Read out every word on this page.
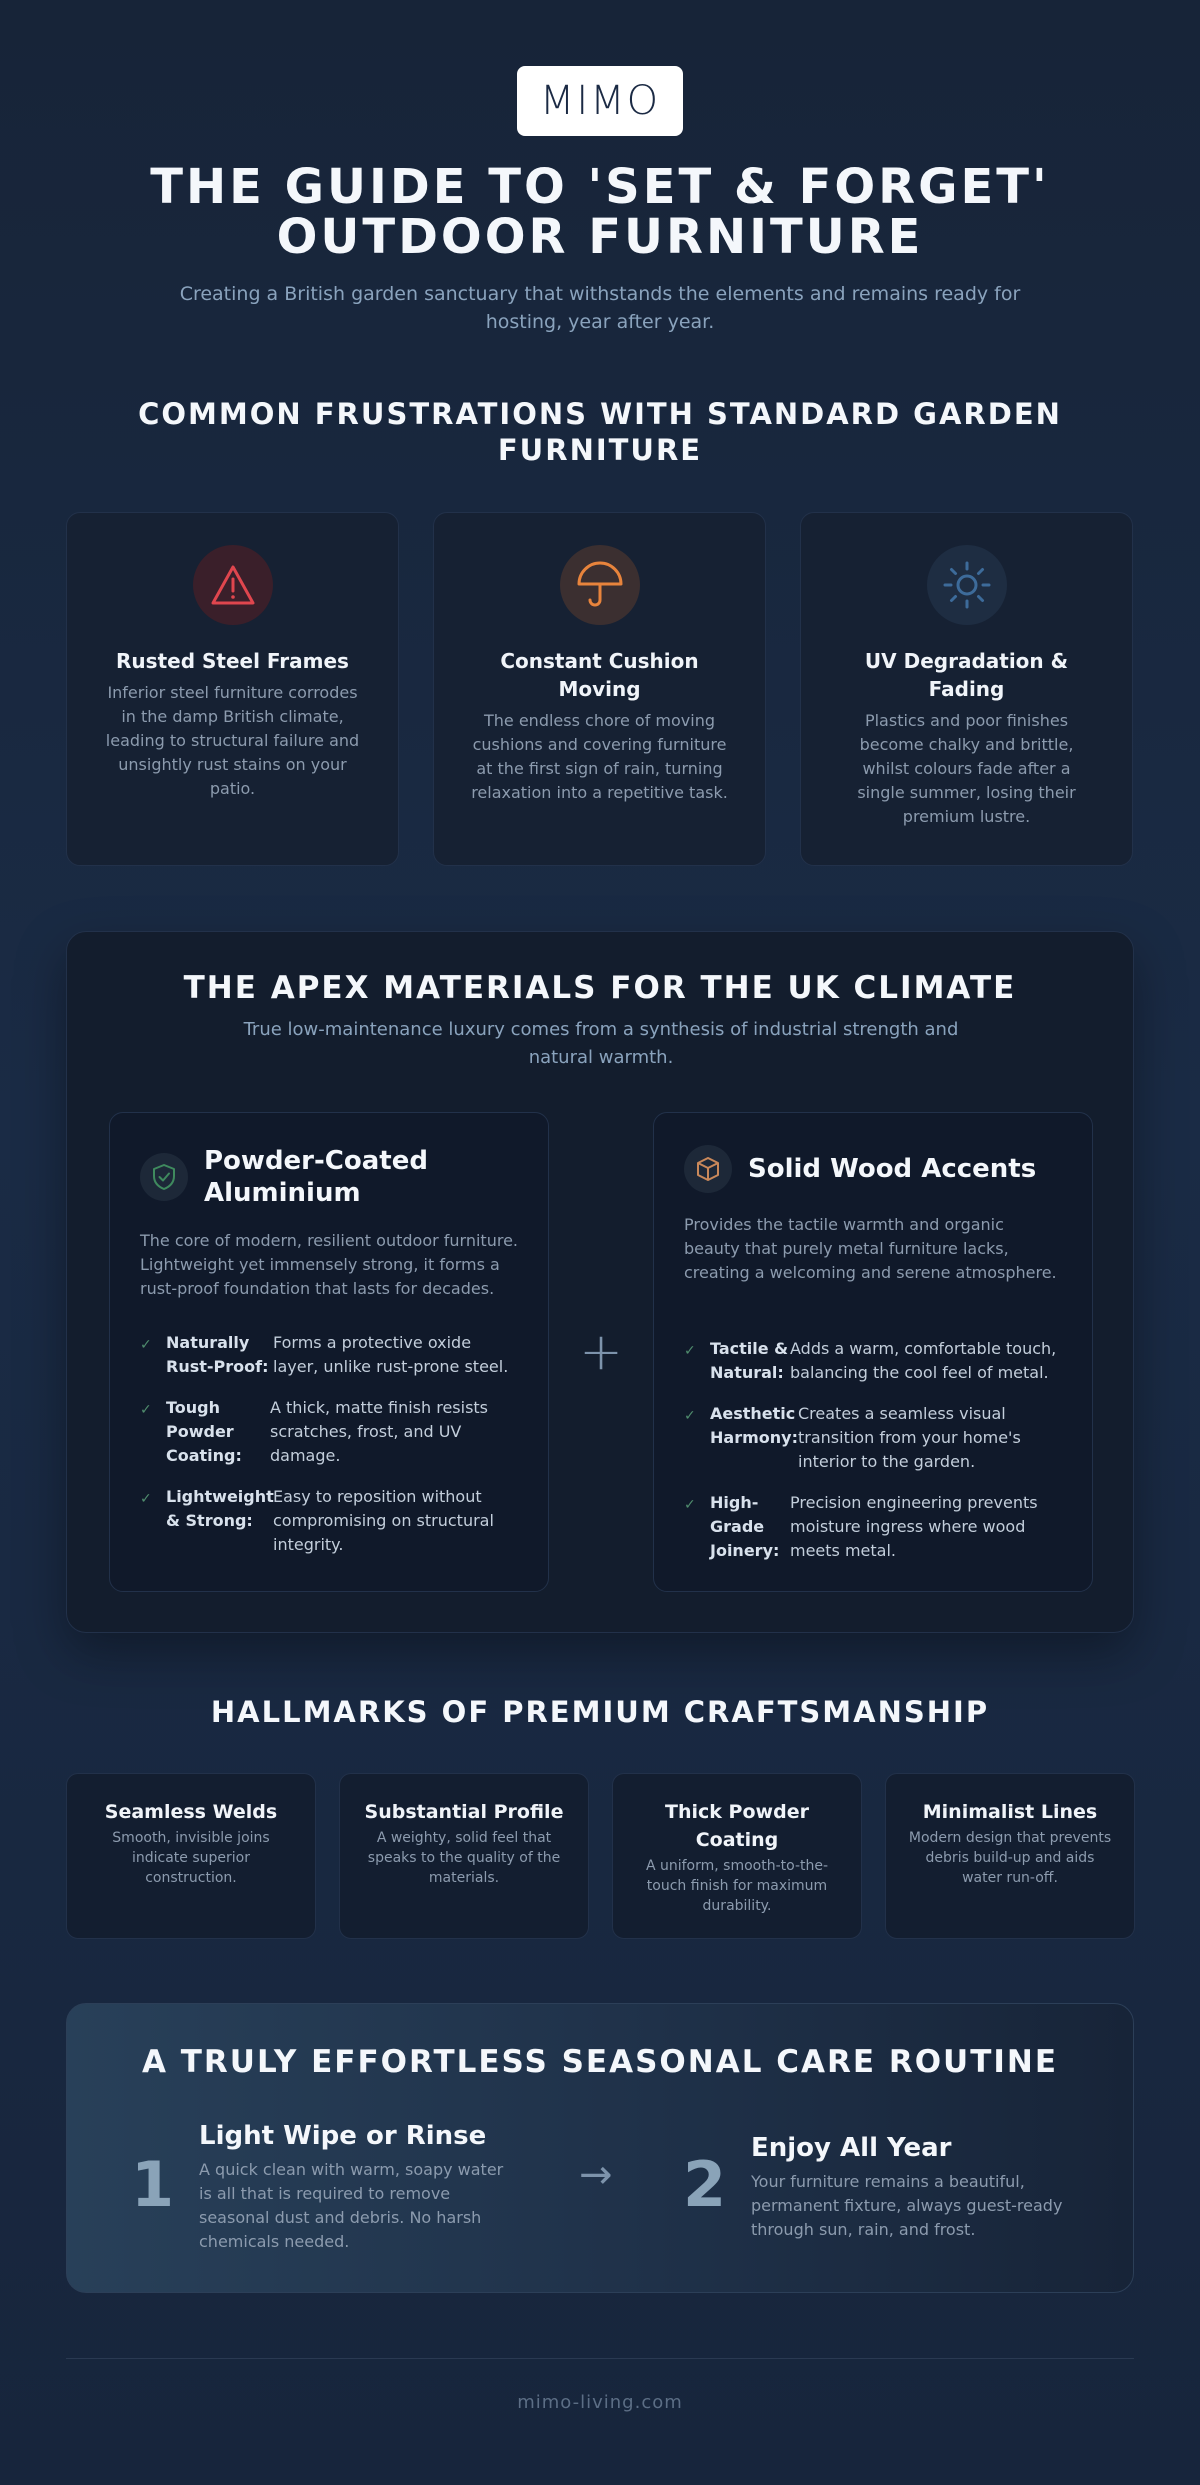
MIMO
THE GUIDE TO 'SET & FORGET' OUTDOOR FURNITURE

Creating a British garden sanctuary that withstands the elements and remains ready for hosting, year after year.

COMMON FRUSTRATIONS WITH STANDARD GARDEN FURNITURE
Rusted Steel Frames
Inferior steel furniture corrodes in the damp British climate, leading to structural failure and unsightly rust stains on your patio.
Constant Cushion Moving
The endless chore of moving cushions and covering furniture at the first sign of rain, turning relaxation into a repetitive task.
UV Degradation & Fading
Plastics and poor finishes become chalky and brittle, whilst colours fade after a single summer, losing their premium lustre.
THE APEX MATERIALS FOR THE UK CLIMATE

True low-maintenance luxury comes from a synthesis of industrial strength and natural warmth.

Powder-Coated Aluminium
The core of modern, resilient outdoor furniture. Lightweight yet immensely strong, it forms a rust-proof foundation that lasts for decades.
✓ Naturally Rust-Proof:
Forms a protective oxide layer, unlike rust-prone steel.
✓ Tough Powder Coating:
A thick, matte finish resists scratches, frost, and UV damage.
✓ Lightweight & Strong:
Easy to reposition without compromising on structural integrity.
+
Solid Wood Accents
Provides the tactile warmth and organic beauty that purely metal furniture lacks, creating a welcoming and serene atmosphere.
✓ Tactile & Natural:
Adds a warm, comfortable touch, balancing the cool feel of metal.
✓ Aesthetic Harmony:
Creates a seamless visual transition from your home's interior to the garden.
✓ High-Grade Joinery:
Precision engineering prevents moisture ingress where wood meets metal.
HALLMARKS OF PREMIUM CRAFTSMANSHIP
Seamless Welds
Smooth, invisible joins indicate superior construction.
Substantial Profile
A weighty, solid feel that speaks to the quality of the materials.
Thick Powder Coating
A uniform, smooth-to-the-touch finish for maximum durability.
Minimalist Lines
Modern design that prevents debris build-up and aids water run-off.
A TRULY EFFORTLESS SEASONAL CARE ROUTINE
1
Light Wipe or Rinse
A quick clean with warm, soapy water is all that is required to remove seasonal dust and debris. No harsh chemicals needed.
→ 2 Enjoy All Year
Your furniture remains a beautiful, permanent fixture, always guest-ready through sun, rain, and frost.
mimo-living.com
